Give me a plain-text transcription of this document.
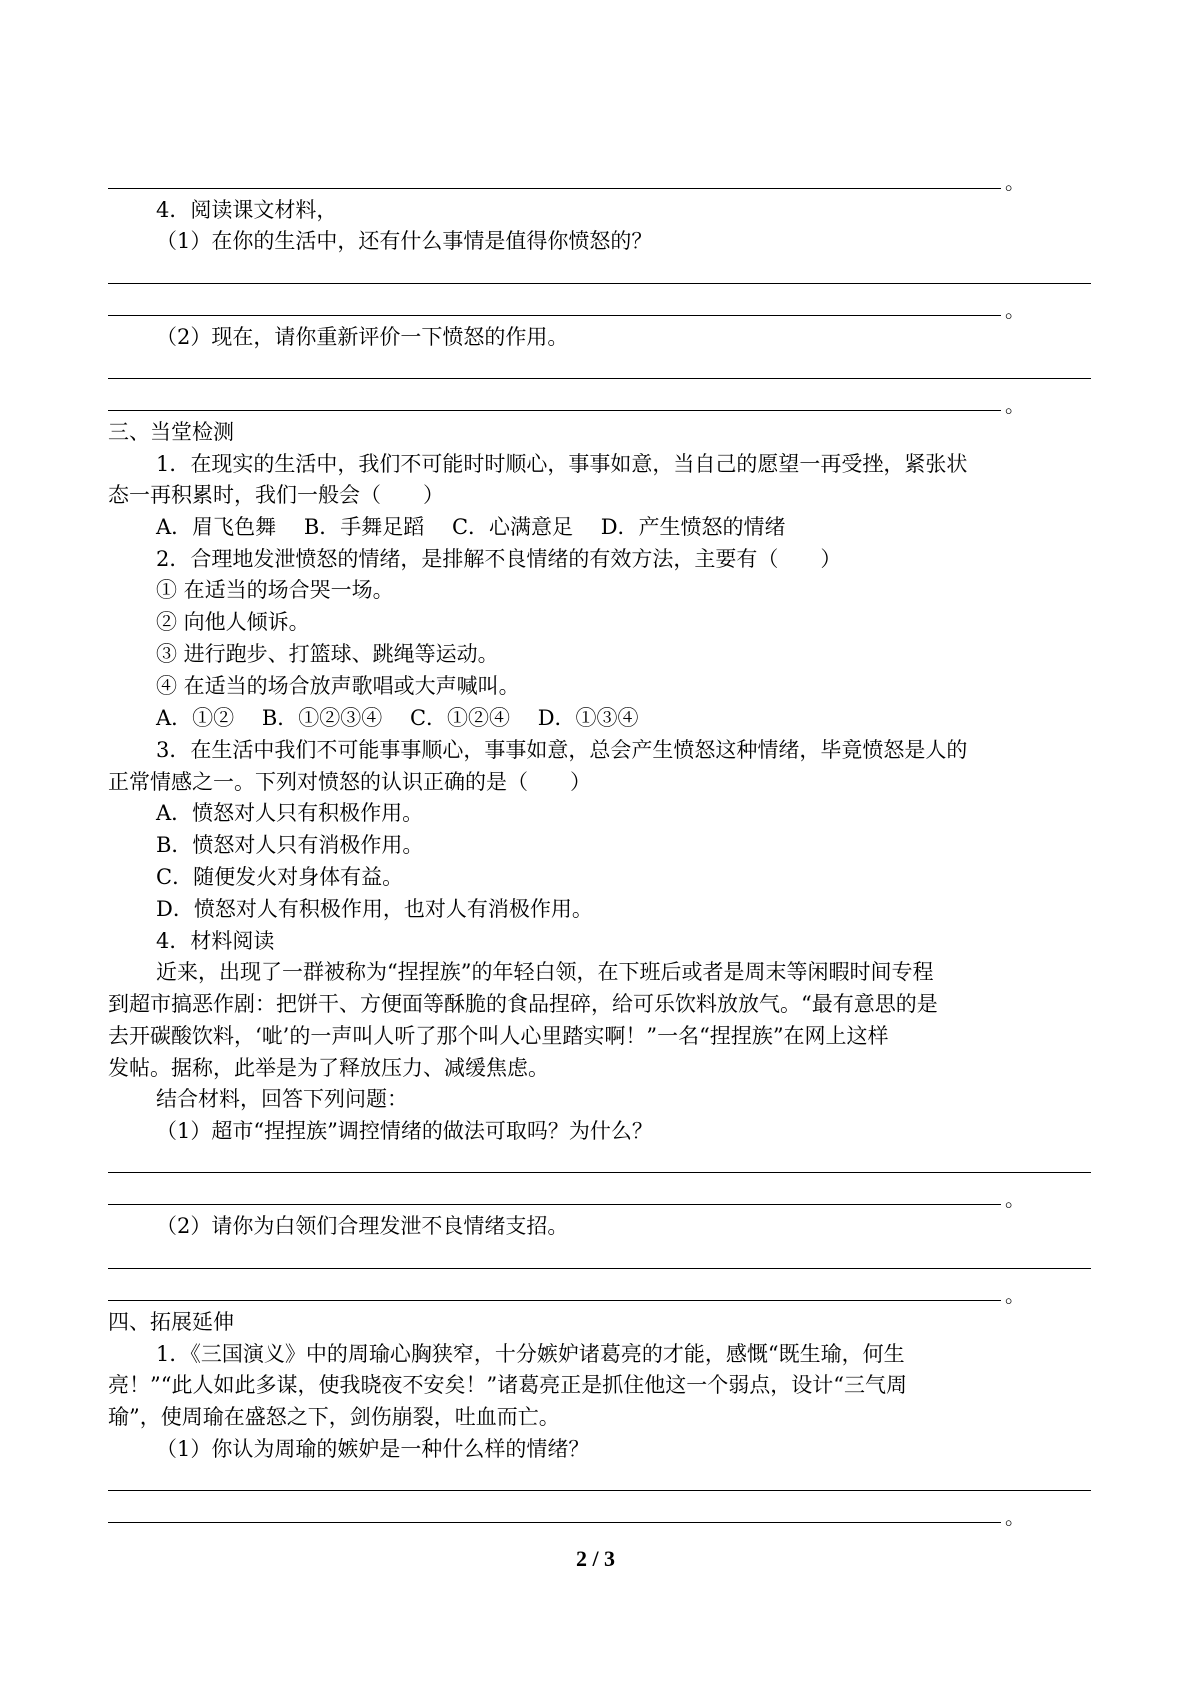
。
4．阅读课文材料，
（1）在你的生活中，还有什么事情是值得你愤怒的？
。
（2）现在，请你重新评价一下愤怒的作用。
。
三、当堂检测
1．在现实的生活中，我们不可能时时顺心，事事如意，当自己的愿望一再受挫，紧张状
态一再积累时，我们一般会（　　）
A．眉飞色舞　 B．手舞足蹈　 C．心满意足　 D．产生愤怒的情绪
2．合理地发泄愤怒的情绪，是排解不良情绪的有效方法，主要有（　　）
① 在适当的场合哭一场。
② 向他人倾诉。
③ 进行跑步、打篮球、跳绳等运动。
④ 在适当的场合放声歌唱或大声喊叫。
A．①②　 B．①②③④　 C．①②④　 D．①③④
3．在生活中我们不可能事事顺心，事事如意，总会产生愤怒这种情绪，毕竟愤怒是人的
正常情感之一。下列对愤怒的认识正确的是（　　）
A．愤怒对人只有积极作用。
B．愤怒对人只有消极作用。
C．随便发火对身体有益。
D．愤怒对人有积极作用，也对人有消极作用。
4．材料阅读
近来，出现了一群被称为“捏捏族”的年轻白领，在下班后或者是周末等闲暇时间专程
到超市搞恶作剧：把饼干、方便面等酥脆的食品捏碎，给可乐饮料放放气。“最有意思的是
去开碳酸饮料，‘呲’的一声叫人听了那个叫人心里踏实啊！”一名“捏捏族”在网上这样
发帖。据称，此举是为了释放压力、减缓焦虑。
结合材料，回答下列问题：
（1）超市“捏捏族”调控情绪的做法可取吗？为什么？
。
（2）请你为白领们合理发泄不良情绪支招。
。
四、拓展延伸
1．《三国演义》中的周瑜心胸狭窄，十分嫉妒诸葛亮的才能，感慨“既生瑜，何生
亮！”“此人如此多谋，使我晓夜不安矣！”诸葛亮正是抓住他这一个弱点，设计“三气周
瑜”，使周瑜在盛怒之下，剑伤崩裂，吐血而亡。
（1）你认为周瑜的嫉妒是一种什么样的情绪？
。
2 / 3
